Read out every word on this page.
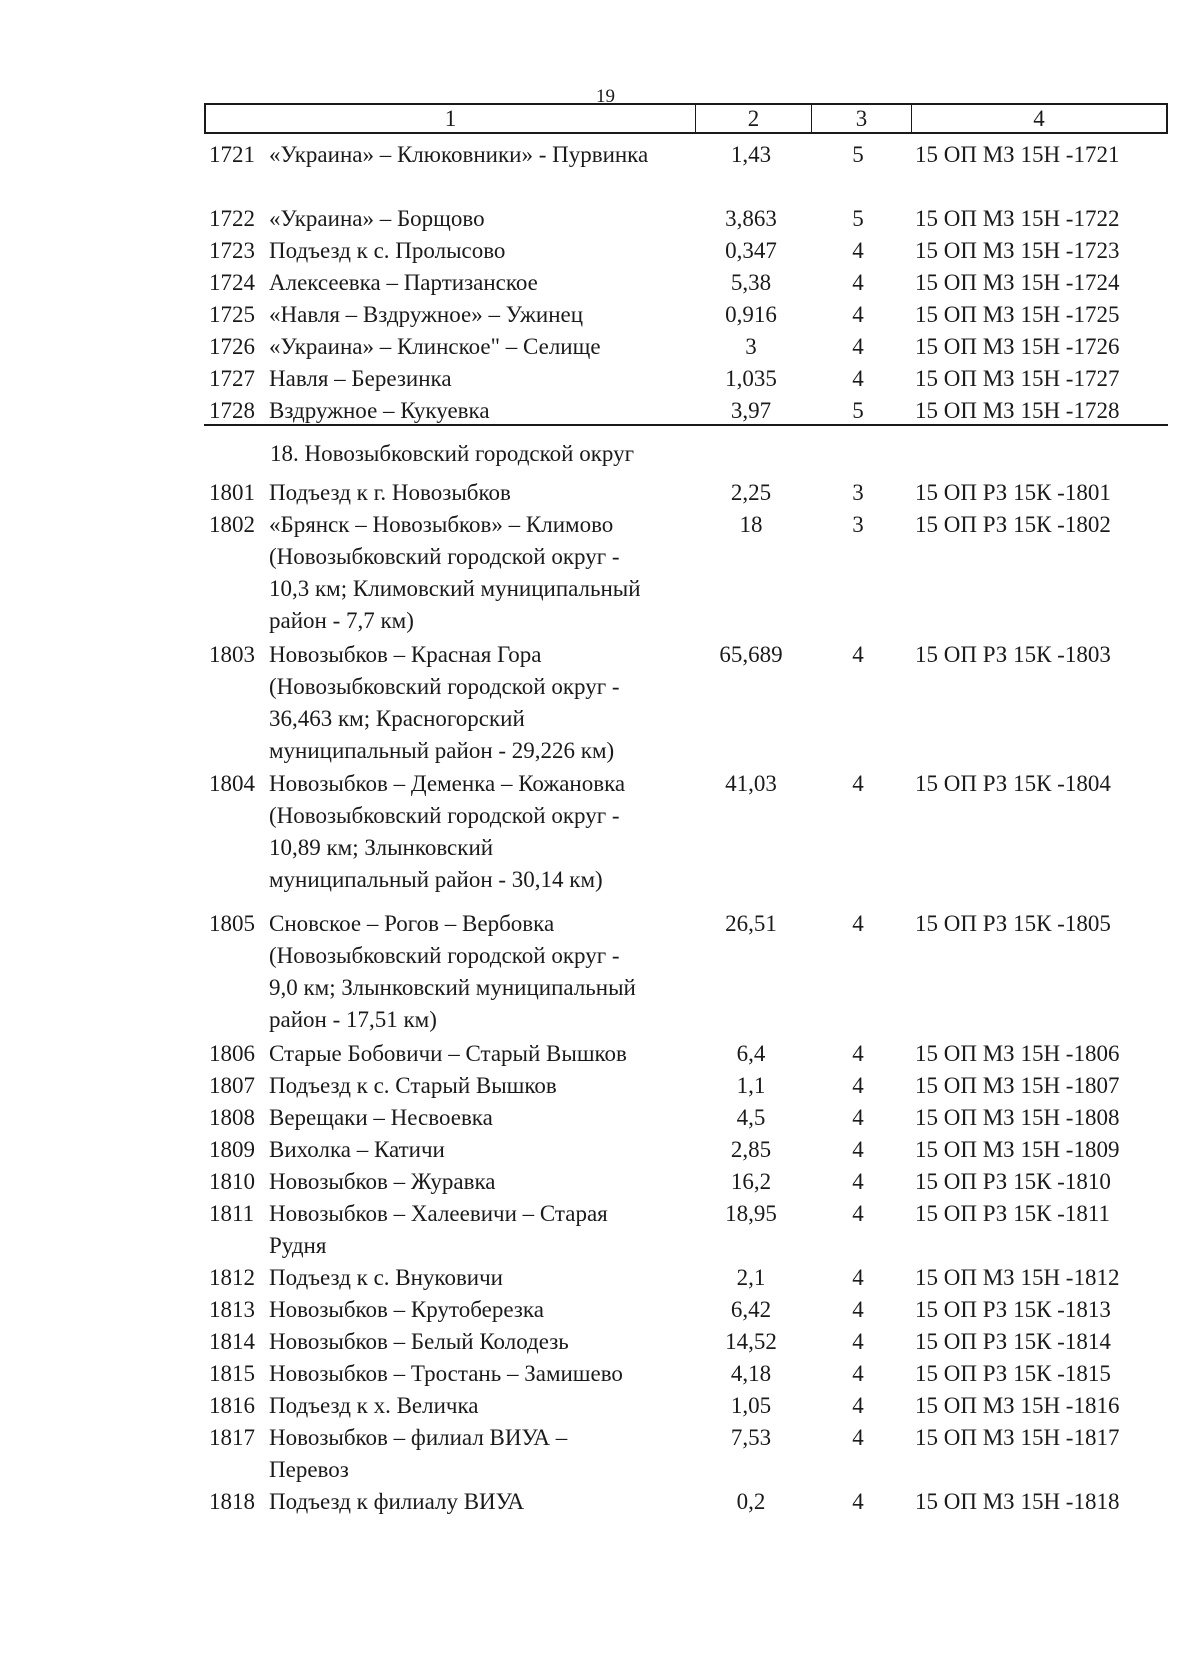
19
1	2	3	4
1721 «Украина» – Клюковники» - Пурвинка	1,43	5	15 ОП МЗ 15Н -1721
1722 «Украина» – Борщово	3,863	5	15 ОП МЗ 15Н -1722
1723 Подъезд к с. Пролысово	0,347	4	15 ОП МЗ 15Н -1723
1724 Алексеевка – Партизанское	5,38	4	15 ОП МЗ 15Н -1724
1725 «Навля – Вздружное» – Ужинец	0,916	4	15 ОП МЗ 15Н -1725
1726 «Украина» – Клинское" – Селище	3	4	15 ОП МЗ 15Н -1726
1727 Навля – Березинка	1,035	4	15 ОП МЗ 15Н -1727
1728 Вздружное – Кукуевка	3,97	5	15 ОП МЗ 15Н -1728
18. Новозыбковский городской округ
1801 Подъезд к г. Новозыбков	2,25	3	15 ОП РЗ 15К -1801
1802 «Брянск – Новозыбков» – Климово
(Новозыбковский городской округ -
10,3 км; Климовский муниципальный
район - 7,7 км)
18	3	15 ОП РЗ 15К -1802
1803 Новозыбков – Красная Гора
(Новозыбковский городской округ -
36,463 км; Красногорский
муниципальный район - 29,226 км)
65,689	4	15 ОП РЗ 15К -1803
1804 Новозыбков – Деменка – Кожановка
(Новозыбковский городской округ -
10,89 км; Злынковский
муниципальный район - 30,14 км)
41,03	4	15 ОП РЗ 15К -1804
1805 Сновское – Рогов – Вербовка
(Новозыбковский городской округ -
9,0 км; Злынковский муниципальный
район - 17,51 км)
26,51	4	15 ОП РЗ 15К -1805
1806 Старые Бобовичи – Старый Вышков	6,4	4	15 ОП МЗ 15Н -1806
1807 Подъезд к с. Старый Вышков	1,1	4	15 ОП МЗ 15Н -1807
1808 Верещаки – Несвоевка	4,5	4	15 ОП МЗ 15Н -1808
1809 Вихолка – Катичи	2,85	4	15 ОП МЗ 15Н -1809
1810 Новозыбков – Журавка	16,2	4	15 ОП РЗ 15К -1810
1811 Новозыбков – Халеевичи – Старая
Рудня
18,95	4	15 ОП РЗ 15К -1811
1812 Подъезд к с. Внуковичи	2,1	4	15 ОП МЗ 15Н -1812
1813 Новозыбков – Крутоберезка	6,42	4	15 ОП РЗ 15К -1813
1814 Новозыбков – Белый Колодезь	14,52	4	15 ОП РЗ 15К -1814
1815 Новозыбков – Тростань – Замишево	4,18	4	15 ОП РЗ 15К -1815
1816 Подъезд к х. Величка	1,05	4	15 ОП МЗ 15Н -1816
1817 Новозыбков – филиал ВИУА –
Перевоз
7,53	4	15 ОП МЗ 15Н -1817
1818 Подъезд к филиалу ВИУА	0,2	4	15 ОП МЗ 15Н -1818
